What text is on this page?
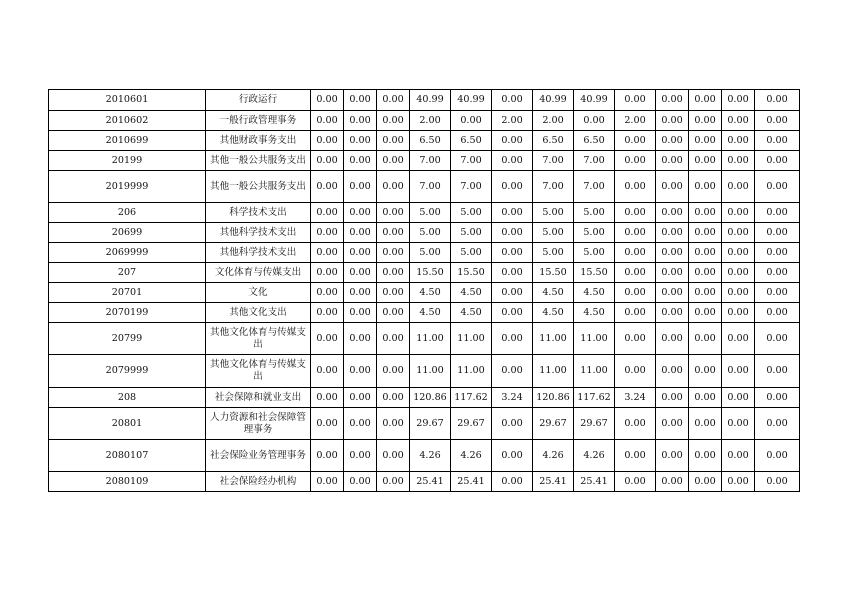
2010601	行政运行	0.00	0.00	0.00	40.99	40.99	0.00	40.99	40.99	0.00	0.00	0.00	0.00	0.00
2010602	一般行政管理事务	0.00	0.00	0.00	2.00	0.00	2.00	2.00	0.00	2.00	0.00	0.00	0.00	0.00
2010699	其他财政事务支出	0.00	0.00	0.00	6.50	6.50	0.00	6.50	6.50	0.00	0.00	0.00	0.00	0.00
20199	其他一般公共服务支出	0.00	0.00	0.00	7.00	7.00	0.00	7.00	7.00	0.00	0.00	0.00	0.00	0.00
2019999	其他一般公共服务支出	0.00	0.00	0.00	7.00	7.00	0.00	7.00	7.00	0.00	0.00	0.00	0.00	0.00
206	科学技术支出	0.00	0.00	0.00	5.00	5.00	0.00	5.00	5.00	0.00	0.00	0.00	0.00	0.00
20699	其他科学技术支出	0.00	0.00	0.00	5.00	5.00	0.00	5.00	5.00	0.00	0.00	0.00	0.00	0.00
2069999	其他科学技术支出	0.00	0.00	0.00	5.00	5.00	0.00	5.00	5.00	0.00	0.00	0.00	0.00	0.00
207	文化体育与传媒支出	0.00	0.00	0.00	15.50	15.50	0.00	15.50	15.50	0.00	0.00	0.00	0.00	0.00
20701	文化	0.00	0.00	0.00	4.50	4.50	0.00	4.50	4.50	0.00	0.00	0.00	0.00	0.00
2070199	其他文化支出	0.00	0.00	0.00	4.50	4.50	0.00	4.50	4.50	0.00	0.00	0.00	0.00	0.00
20799	其他文化体育与传媒支出	0.00	0.00	0.00	11.00	11.00	0.00	11.00	11.00	0.00	0.00	0.00	0.00	0.00
2079999	其他文化体育与传媒支出	0.00	0.00	0.00	11.00	11.00	0.00	11.00	11.00	0.00	0.00	0.00	0.00	0.00
208	社会保障和就业支出	0.00	0.00	0.00	120.86	117.62	3.24	120.86	117.62	3.24	0.00	0.00	0.00	0.00
20801	人力资源和社会保障管理事务	0.00	0.00	0.00	29.67	29.67	0.00	29.67	29.67	0.00	0.00	0.00	0.00	0.00
2080107	社会保险业务管理事务	0.00	0.00	0.00	4.26	4.26	0.00	4.26	4.26	0.00	0.00	0.00	0.00	0.00
2080109	社会保险经办机构	0.00	0.00	0.00	25.41	25.41	0.00	25.41	25.41	0.00	0.00	0.00	0.00	0.00
